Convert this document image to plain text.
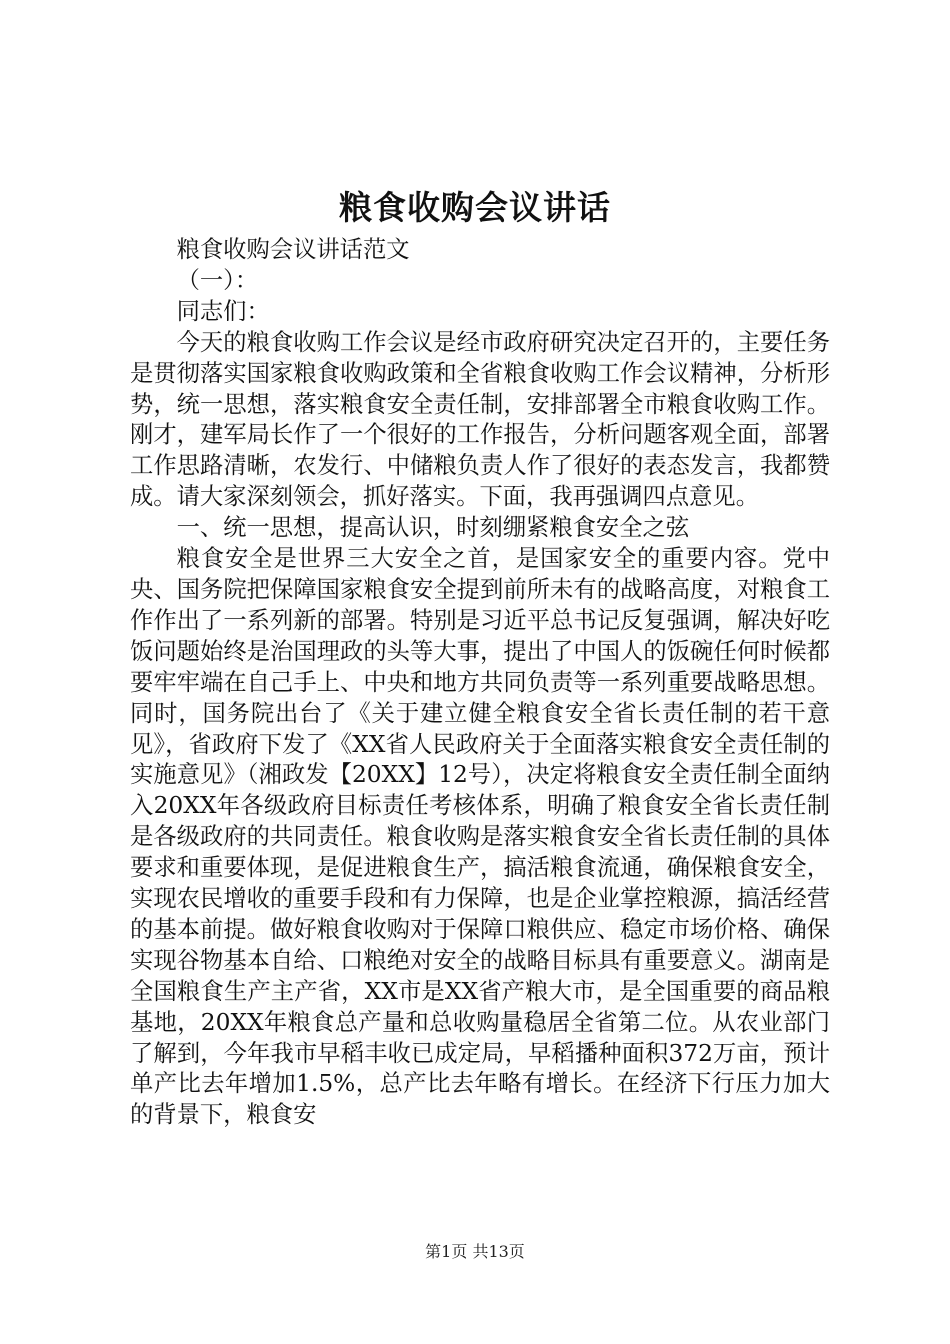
粮食收购会议讲话

粮食收购会议讲话范文

（一）：

同志们：

今天的粮食收购工作会议是经市政府研究决定召开的，主要任务是贯彻落实国家粮食收购政策和全省粮食收购工作会议精神，分析形势，统一思想，落实粮食安全责任制，安排部署全市粮食收购工作。刚才，建军局长作了一个很好的工作报告，分析问题客观全面，部署工作思路清晰，农发行、中储粮负责人作了很好的表态发言，我都赞成。请大家深刻领会，抓好落实。下面，我再强调四点意见。

一、统一思想，提高认识，时刻绷紧粮食安全之弦

粮食安全是世界三大安全之首，是国家安全的重要内容。党中央、国务院把保障国家粮食安全提到前所未有的战略高度，对粮食工作作出了一系列新的部署。特别是习近平总书记反复强调，解决好吃饭问题始终是治国理政的头等大事，提出了中国人的饭碗任何时候都要牢牢端在自己手上、中央和地方共同负责等一系列重要战略思想。同时，国务院出台了《关于建立健全粮食安全省长责任制的若干意见》，省政府下发了《XX省人民政府关于全面落实粮食安全责任制的实施意见》（湘政发【20XX】12号），决定将粮食安全责任制全面纳入20XX年各级政府目标责任考核体系，明确了粮食安全省长责任制是各级政府的共同责任。粮食收购是落实粮食安全省长责任制的具体要求和重要体现，是促进粮食生产，搞活粮食流通，确保粮食安全，实现农民增收的重要手段和有力保障，也是企业掌控粮源，搞活经营的基本前提。做好粮食收购对于保障口粮供应、稳定市场价格、确保实现谷物基本自给、口粮绝对安全的战略目标具有重要意义。湖南是全国粮食生产主产省，XX市是XX省产粮大市，是全国重要的商品粮基地，20XX年粮食总产量和总收购量稳居全省第二位。从农业部门了解到，今年我市早稻丰收已成定局，早稻播种面积372万亩，预计单产比去年增加1.5%，总产比去年略有增长。在经济下行压力加大的背景下，粮食安

第1页 共13页
